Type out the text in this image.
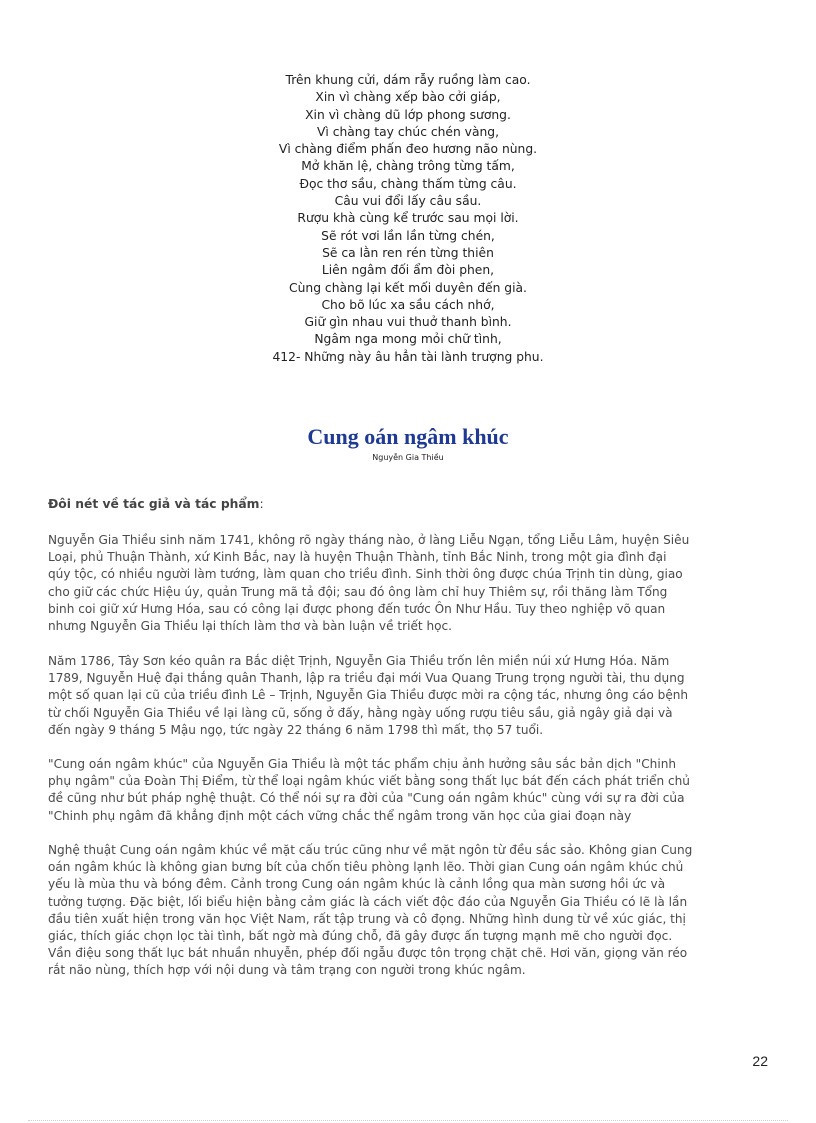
Trên khung cửi, dám rẫy ruồng làm cao.
Xin vì chàng xếp bào cởi giáp,
Xin vì chàng dũ lớp phong sương.
Vì chàng tay chúc chén vàng,
Vì chàng điểm phấn đeo hương não nùng.
Mở khăn lệ, chàng trông từng tấm,
Đọc thơ sầu, chàng thấm từng câu.
Câu vui đổi lấy câu sầu.
Rượu khà cùng kể trước sau mọi lời.
Sẽ rót vơi lần lần từng chén,
Sẽ ca lằn ren rén từng thiên
Liên ngâm đối ẩm đòi phen,
Cùng chàng lại kết mối duyên đến già.
Cho bõ lúc xa sầu cách nhớ,
Giữ gìn nhau vui thuở thanh bình.
Ngâm nga mong mỏi chữ tình,
412- Những này âu hẳn tài lành trượng phu.
Cung oán ngâm khúc
Nguyễn Gia Thiều
Đôi nét về tác giả và tác phẩm:
Nguyễn Gia Thiều sinh năm 1741, không rõ ngày tháng nào, ở làng Liễu Ngạn, tổng Liễu Lâm, huyện Siêu
Loại, phủ Thuận Thành, xứ Kinh Bắc, nay là huyện Thuận Thành, tỉnh Bắc Ninh, trong một gia đình đại
qúy tộc, có nhiều người làm tướng, làm quan cho triều đình. Sinh thời ông được chúa Trịnh tin dùng, giao
cho giữ các chức Hiệu úy, quản Trung mã tả đội; sau đó ông làm chỉ huy Thiêm sự, rồi thăng làm Tổng
binh coi giữ xứ Hưng Hóa, sau có công lại được phong đến tước Ôn Như Hầu. Tuy theo nghiệp võ quan
nhưng Nguyễn Gia Thiều lại thích làm thơ và bàn luận về triết học.
Năm 1786, Tây Sơn kéo quân ra Bắc diệt Trịnh, Nguyễn Gia Thiều trốn lên miền núi xứ Hưng Hóa. Năm
1789, Nguyễn Huệ đại thắng quân Thanh, lập ra triều đại mới Vua Quang Trung trọng người tài, thu dụng
một số quan lại cũ của triều đình Lê – Trịnh, Nguyễn Gia Thiều được mời ra cộng tác, nhưng ông cáo bệnh
từ chối Nguyễn Gia Thiều về lại làng cũ, sống ở đấy, hằng ngày uống rượu tiêu sầu, giả ngây giả dại và
đến ngày 9 tháng 5 Mậu ngọ, tức ngày 22 tháng 6 năm 1798 thì mất, thọ 57 tuổi.
"Cung oán ngâm khúc" của Nguyễn Gia Thiều là một tác phẩm chịu ảnh hưởng sâu sắc bản dịch "Chinh
phụ ngâm" của Đoàn Thị Điểm, từ thể loại ngâm khúc viết bằng song thất lục bát đến cách phát triển chủ
đề cũng như bút pháp nghệ thuật. Có thể nói sự ra đời của "Cung oán ngâm khúc" cùng với sự ra đời của
"Chinh phụ ngâm đã khẳng định một cách vững chắc thể ngâm trong văn học của giai đoạn này
Nghệ thuật Cung oán ngâm khúc về mặt cấu trúc cũng như về mặt ngôn từ đều sắc sảo. Không gian Cung
oán ngâm khúc là không gian bưng bít của chốn tiêu phòng lạnh lẽo. Thời gian Cung oán ngâm khúc chủ
yếu là mùa thu và bóng đêm. Cảnh trong Cung oán ngâm khúc là cảnh lồng qua màn sương hồi ức và
tưởng tượng. Đặc biệt, lối biểu hiện bằng cảm giác là cách viết độc đáo của Nguyễn Gia Thiều có lẽ là lần
đầu tiên xuất hiện trong văn học Việt Nam, rất tập trung và cô đọng. Những hình dung từ về xúc giác, thị
giác, thích giác chọn lọc tài tình, bất ngờ mà đúng chỗ, đã gây được ấn tượng mạnh mẽ cho người đọc.
Vần điệu song thất lục bát nhuần nhuyễn, phép đối ngẫu được tôn trọng chặt chẽ. Hơi văn, giọng văn réo
rắt não nùng, thích hợp với nội dung và tâm trạng con người trong khúc ngâm.
22
